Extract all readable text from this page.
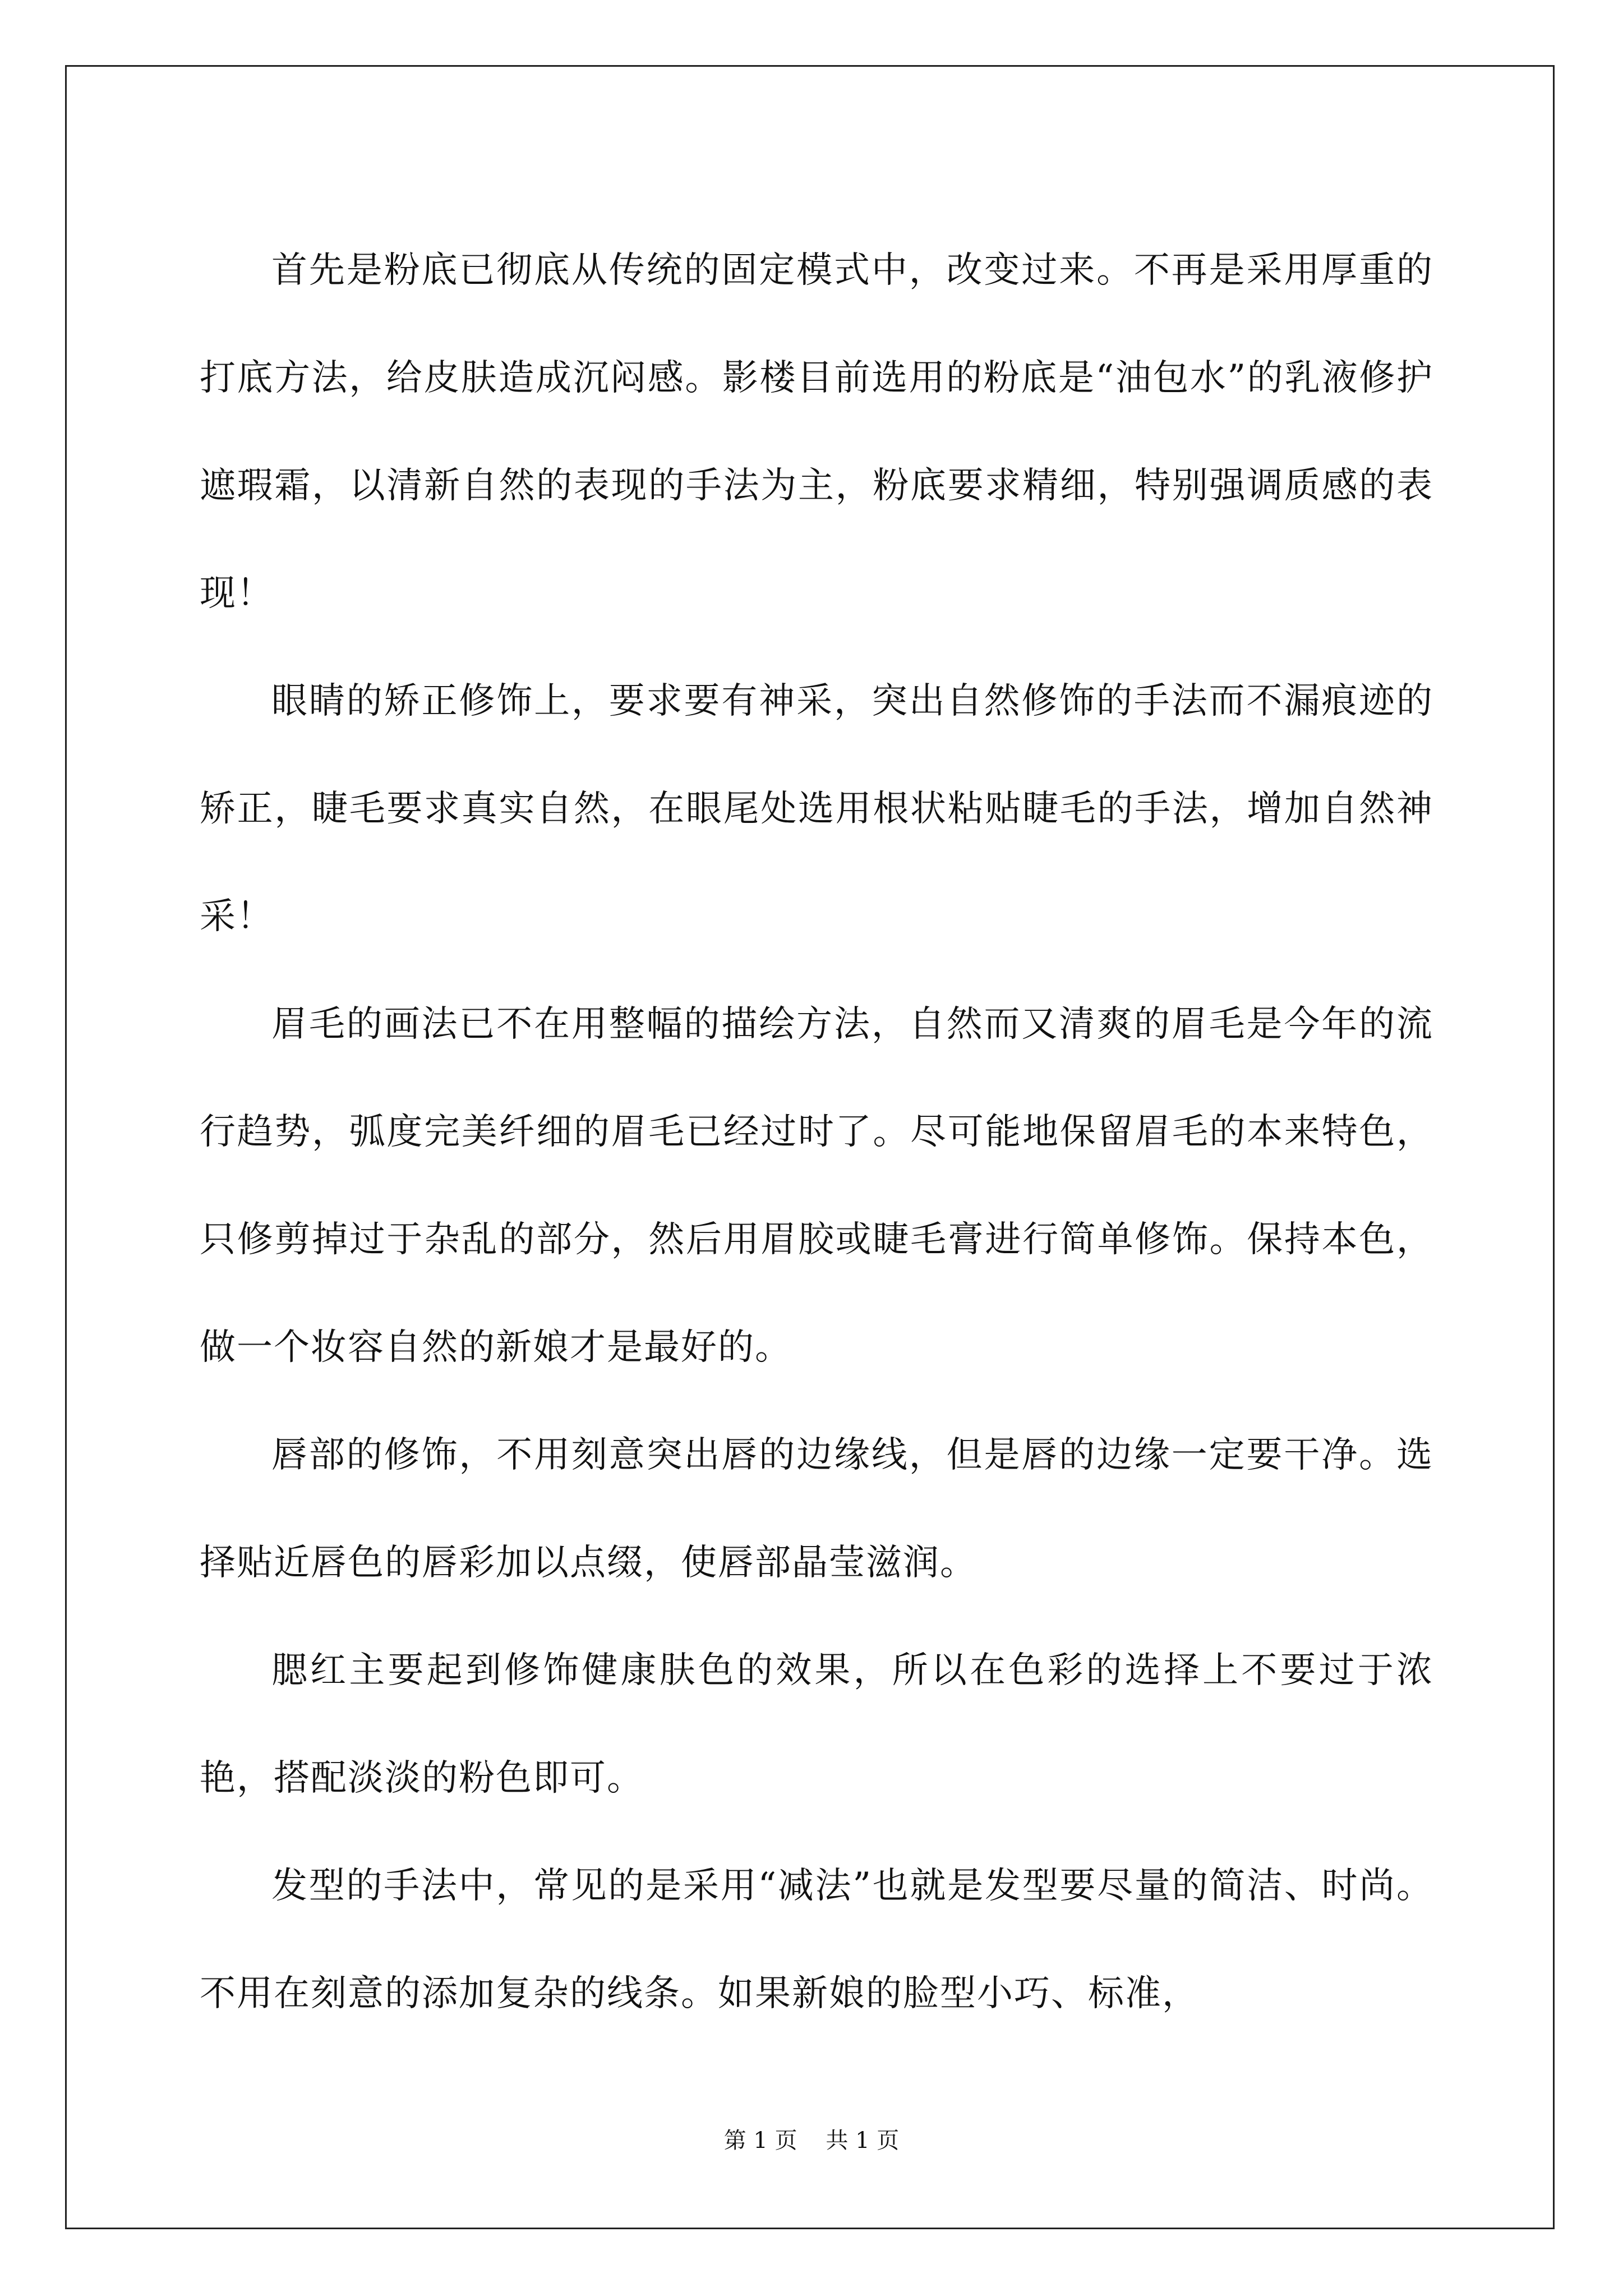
首先是粉底已彻底从传统的固定模式中，改变过来。不再是采用厚重的打底方法，给皮肤造成沉闷感。影楼目前选用的粉底是“油包水”的乳液修护遮瑕霜，以清新自然的表现的手法为主，粉底要求精细，特别强调质感的表现！

眼睛的矫正修饰上，要求要有神采，突出自然修饰的手法而不漏痕迹的矫正，睫毛要求真实自然，在眼尾处选用根状粘贴睫毛的手法，增加自然神采！

眉毛的画法已不在用整幅的描绘方法，自然而又清爽的眉毛是今年的流行趋势，弧度完美纤细的眉毛已经过时了。尽可能地保留眉毛的本来特色，只修剪掉过于杂乱的部分，然后用眉胶或睫毛膏进行简单修饰。保持本色，做一个妆容自然的新娘才是最好的。

唇部的修饰，不用刻意突出唇的边缘线，但是唇的边缘一定要干净。选择贴近唇色的唇彩加以点缀，使唇部晶莹滋润。

腮红主要起到修饰健康肤色的效果，所以在色彩的选择上不要过于浓艳，搭配淡淡的粉色即可。

发型的手法中，常见的是采用“减法”也就是发型要尽量的简洁、时尚。不用在刻意的添加复杂的线条。如果新娘的脸型小巧、标准，

第 1 页    共 1 页
